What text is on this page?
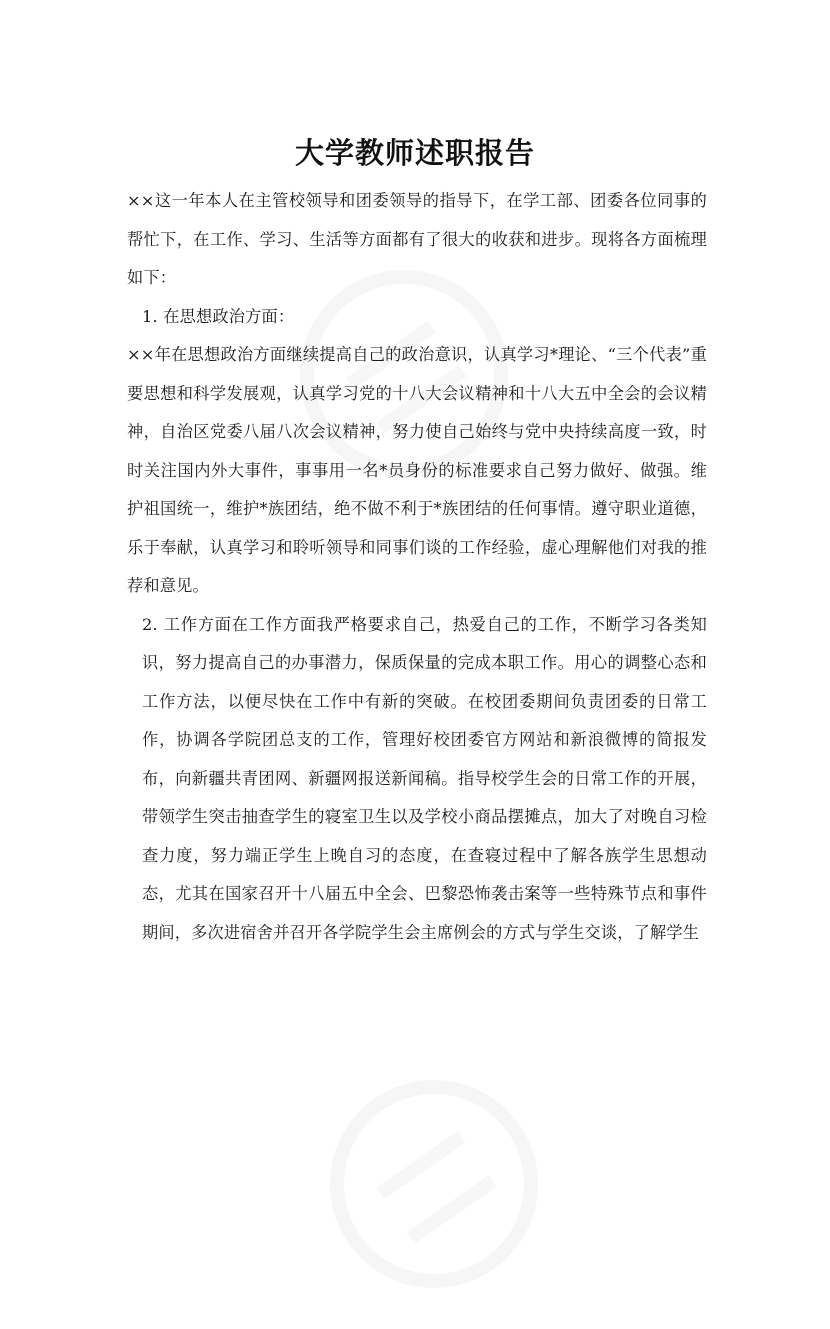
大学教师述职报告

××这一年本人在主管校领导和团委领导的指导下，在学工部、团委各位同事的帮忙下，在工作、学习、生活等方面都有了很大的收获和进步。现将各方面梳理如下：

1. 在思想政治方面：

××年在思想政治方面继续提高自己的政治意识，认真学习*理论、“三个代表”重要思想和科学发展观，认真学习党的十八大会议精神和十八大五中全会的会议精神，自治区党委八届八次会议精神，努力使自己始终与党中央持续高度一致，时时关注国内外大事件，事事用一名*员身份的标准要求自己努力做好、做强。维护祖国统一，维护*族团结，绝不做不利于*族团结的任何事情。遵守职业道德，乐于奉献，认真学习和聆听领导和同事们谈的工作经验，虚心理解他们对我的推荐和意见。

2. 工作方面在工作方面我严格要求自己，热爱自己的工作，不断学习各类知识，努力提高自己的办事潜力，保质保量的完成本职工作。用心的调整心态和工作方法，以便尽快在工作中有新的突破。在校团委期间负责团委的日常工作，协调各学院团总支的工作，管理好校团委官方网站和新浪微博的简报发布，向新疆共青团网、新疆网报送新闻稿。指导校学生会的日常工作的开展，带领学生突击抽查学生的寝室卫生以及学校小商品摆摊点，加大了对晚自习检查力度，努力端正学生上晚自习的态度，在查寝过程中了解各族学生思想动态，尤其在国家召开十八届五中全会、巴黎恐怖袭击案等一些特殊节点和事件期间，多次进宿舍并召开各学院学生会主席例会的方式与学生交谈，了解学生
